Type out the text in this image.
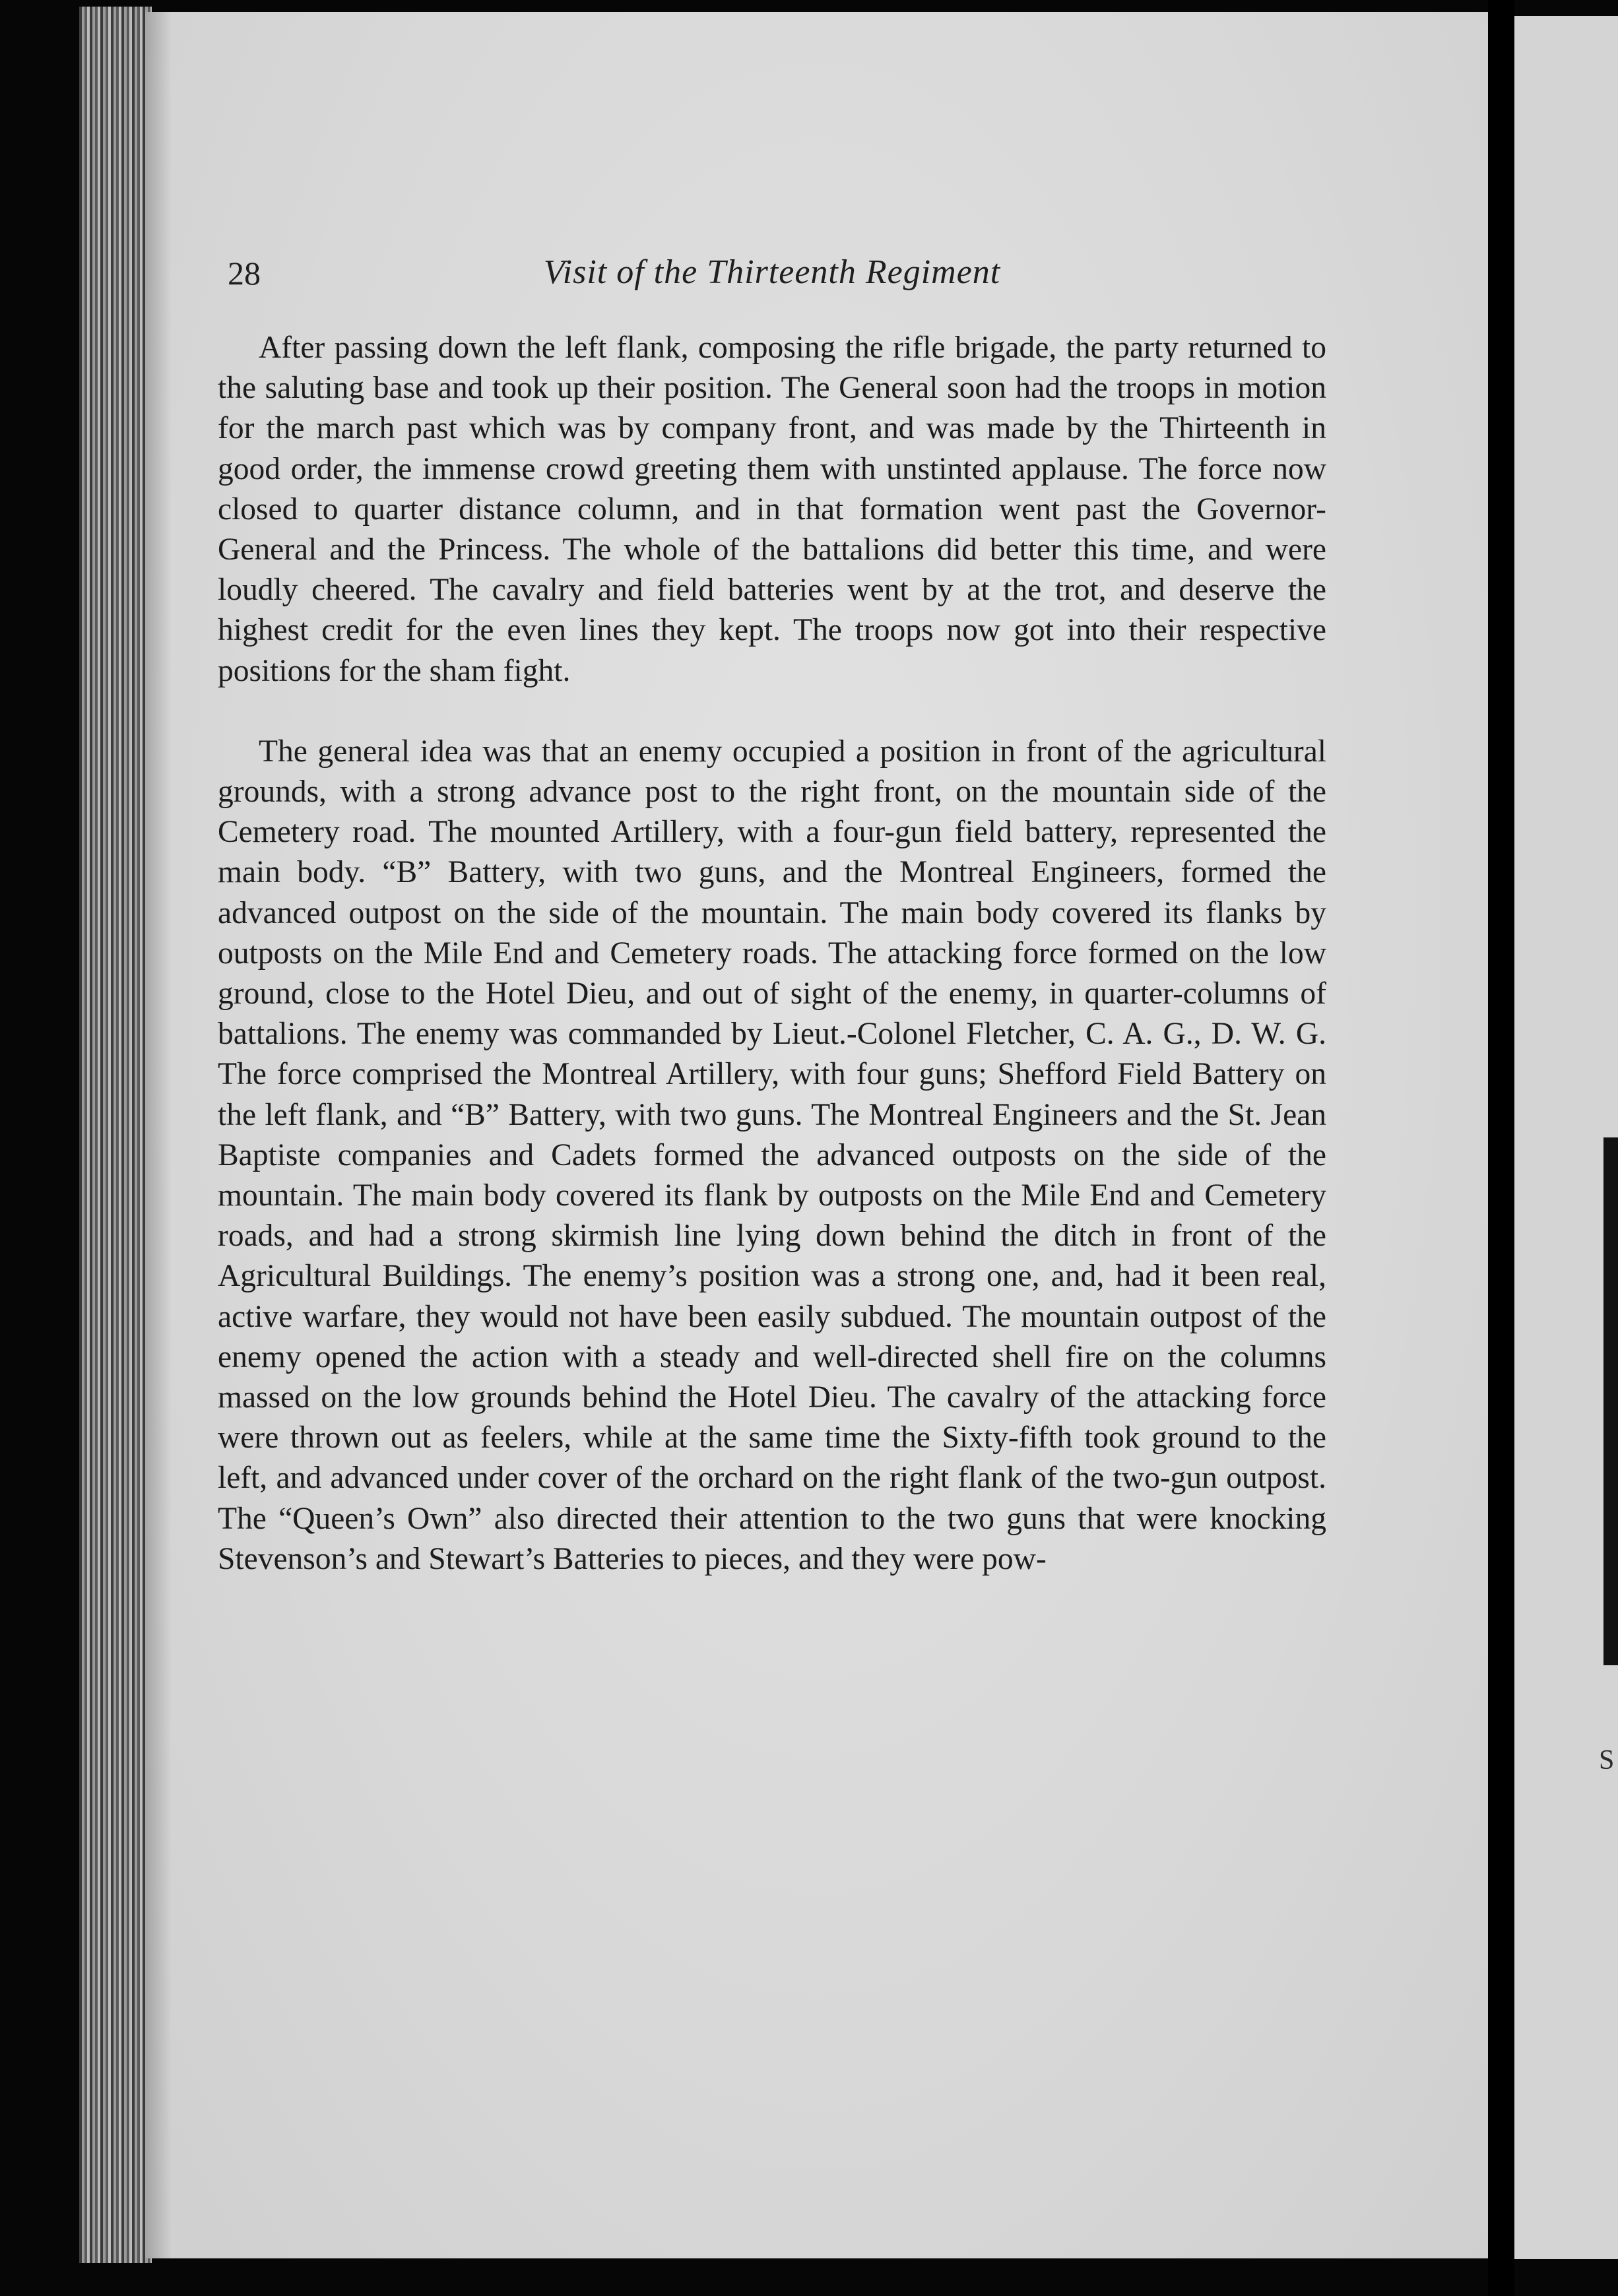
28	Visit of the Thirteenth Regiment

After passing down the left flank, composing the rifle brigade, the party returned to the saluting base and took up their position. The General soon had the troops in motion for the march past which was by company front, and was made by the Thirteenth in good order, the immense crowd greeting them with unstinted applause. The force now closed to quarter distance column, and in that formation went past the Governor-General and the Princess. The whole of the battalions did better this time, and were loudly cheered. The cavalry and field batteries went by at the trot, and deserve the highest credit for the even lines they kept. The troops now got into their respective positions for the sham fight.

The general idea was that an enemy occupied a position in front of the agricultural grounds, with a strong advance post to the right front, on the mountain side of the Cemetery road. The mounted Artillery, with a four-gun field battery, represented the main body. “B” Battery, with two guns, and the Montreal Engineers, formed the advanced outpost on the side of the mountain. The main body covered its flanks by outposts on the Mile End and Cemetery roads. The attacking force formed on the low ground, close to the Hotel Dieu, and out of sight of the enemy, in quarter-columns of battalions. The enemy was commanded by Lieut.-Colonel Fletcher, C. A. G., D. W. G. The force comprised the Montreal Artillery, with four guns; Shefford Field Battery on the left flank, and “B” Battery, with two guns. The Montreal Engineers and the St. Jean Baptiste companies and Cadets formed the advanced outposts on the side of the mountain. The main body covered its flank by outposts on the Mile End and Cemetery roads, and had a strong skirmish line lying down behind the ditch in front of the Agricultural Buildings. The enemy’s position was a strong one, and, had it been real, active warfare, they would not have been easily subdued. The mountain outpost of the enemy opened the action with a steady and well-directed shell fire on the columns massed on the low grounds behind the Hotel Dieu. The cavalry of the attacking force were thrown out as feelers, while at the same time the Sixty-fifth took ground to the left, and advanced under cover of the orchard on the right flank of the two-gun outpost. The “Queen’s Own” also directed their attention to the two guns that were knocking Stevenson’s and Stewart’s Batteries to pieces, and they were pow-

S
